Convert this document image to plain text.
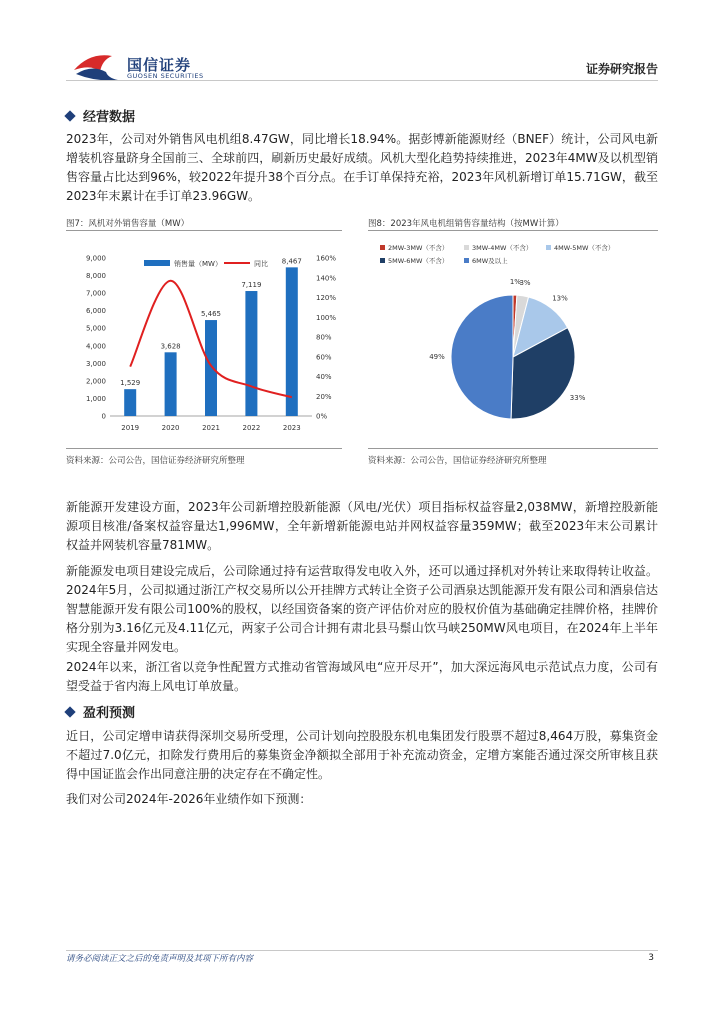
国信证券
GUOSEN SECURITIES	证券研究报告
经营数据
2023年，公司对外销售风电机组8.47GW，同比增长18.94%。据彭博新能源财经（BNEF）统计，公司风电新增装机容量跻身全国前三、全球前四，刷新历史最好成绩。风机大型化趋势持续推进，2023年4MW及以机型销售容量占比达到96%，较2022年提升38个百分点。在手订单保持充裕，2023年风机新增订单15.71GW，截至2023年末累计在手订单23.96GW。
图7：风机对外销售容量（MW）
销售量（MW）	同比
0
1,000
2,000
3,000
4,000
5,000
6,000
7,000
8,000
9,000
0%
20%
40%
60%
80%
100%
120%
140%
160%
2019	2020	2021	2022	2023
1,529
3,628
5,465
7,119
8,467
资料来源：公司公告，国信证券经济研究所整理
图8：2023年风电机组销售容量结构（按MW计算）
2MW-3MW（不含）	3MW-4MW（不含）	4MW-5MW（不含）
5MW-6MW（不含）	6MW及以上
1%
3%
13%
33%
49%
资料来源：公司公告，国信证券经济研究所整理
新能源开发建设方面，2023年公司新增控股新能源（风电/光伏）项目指标权益容量2,038MW，新增控股新能源项目核准/备案权益容量达1,996MW，全年新增新能源电站并网权益容量359MW；截至2023年末公司累计权益并网装机容量781MW。
新能源发电项目建设完成后，公司除通过持有运营取得发电收入外，还可以通过择机对外转让来取得转让收益。2024年5月，公司拟通过浙江产权交易所以公开挂牌方式转让全资子公司酒泉达凯能源开发有限公司和酒泉信达智慧能源开发有限公司100%的股权，以经国资备案的资产评估价对应的股权价值为基础确定挂牌价格，挂牌价格分别为3.16亿元及4.11亿元，两家子公司合计拥有肃北县马鬃山饮马峡250MW风电项目，在2024年上半年实现全容量并网发电。
2024年以来，浙江省以竞争性配置方式推动省管海域风电“应开尽开”，加大深远海风电示范试点力度，公司有望受益于省内海上风电订单放量。
盈利预测
近日，公司定增申请获得深圳交易所受理，公司计划向控股股东机电集团发行股票不超过8,464万股，募集资金不超过7.0亿元，扣除发行费用后的募集资金净额拟全部用于补充流动资金，定增方案能否通过深交所审核且获得中国证监会作出同意注册的决定存在不确定性。
我们对公司2024年-2026年业绩作如下预测：
请务必阅读正文之后的免责声明及其项下所有内容	3
